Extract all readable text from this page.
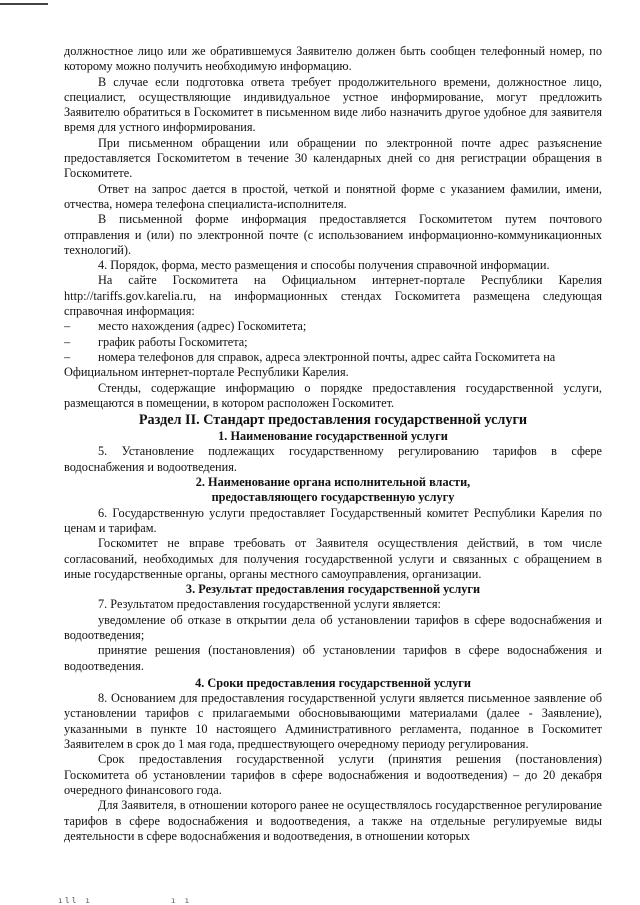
должностное лицо или же обратившемуся Заявителю должен быть сообщен телефонный номер, по которому можно получить необходимую информацию.

В случае если подготовка ответа требует продолжительного времени, должностное лицо, специалист, осуществляющие индивидуальное устное информирование, могут предложить Заявителю обратиться в Госкомитет в письменном виде либо назначить другое удобное для заявителя время для устного информирования.

При письменном обращении или обращении по электронной почте адрес разъяснение предоставляется Госкомитетом в течение 30 календарных дней со дня регистрации обращения в Госкомитете.

Ответ на запрос дается в простой, четкой и понятной форме с указанием фамилии, имени, отчества, номера телефона специалиста-исполнителя.

В письменной форме информация предоставляется Госкомитетом путем почтового отправления и (или) по электронной почте (с использованием информационно-коммуникационных технологий).

4. Порядок, форма, место размещения и способы получения справочной информации.

На сайте Госкомитета на Официальном интернет-портале Республики Карелия http://tariffs.gov.karelia.ru, на информационных стендах Госкомитета размещена следующая справочная информация:

– место нахождения (адрес) Госкомитета;
– график работы Госкомитета;
– номера телефонов для справок, адреса электронной почты, адрес сайта Госкомитета на
Официальном интернет-портале Республики Карелия.

Стенды, содержащие информацию о порядке предоставления государственной услуги, размещаются в помещении, в котором расположен Госкомитет.

Раздел II. Стандарт предоставления государственной услуги
1. Наименование государственной услуги

5. Установление подлежащих государственному регулированию тарифов в сфере водоснабжения и водоотведения.

2. Наименование органа исполнительной власти,
предоставляющего государственную услугу

6. Государственную услуги предоставляет Государственный комитет Республики Карелия по ценам и тарифам.

Госкомитет не вправе требовать от Заявителя осуществления действий, в том числе согласований, необходимых для получения государственной услуги и связанных с обращением в иные государственные органы, органы местного самоуправления, организации.

3. Результат предоставления государственной услуги

7. Результатом предоставления государственной услуги является:

уведомление об отказе в открытии дела об установлении тарифов в сфере водоснабжения и водоотведения;

принятие решения (постановления) об установлении тарифов в сфере водоснабжения и водоотведения.

4. Сроки предоставления государственной услуги

8. Основанием для предоставления государственной услуги является письменное заявление об установлении тарифов с прилагаемыми обосновывающими материалами (далее - Заявление), указанными в пункте 10 настоящего Административного регламента, поданное в Госкомитет Заявителем в срок до 1 мая года, предшествующего очередному периоду регулирования.

Срок предоставления государственной услуги (принятия решения (постановления) Госкомитета об установлении тарифов в сфере водоснабжения и водоотведения) – до 20 декабря очередного финансового года.

Для Заявителя, в отношении которого ранее не осуществлялось государственное регулирование тарифов в сфере водоснабжения и водоотведения, а также на отдельные регулируемые виды деятельности в сфере водоснабжения и водоотведения, в отношении которых

ıll ı	ı ı
